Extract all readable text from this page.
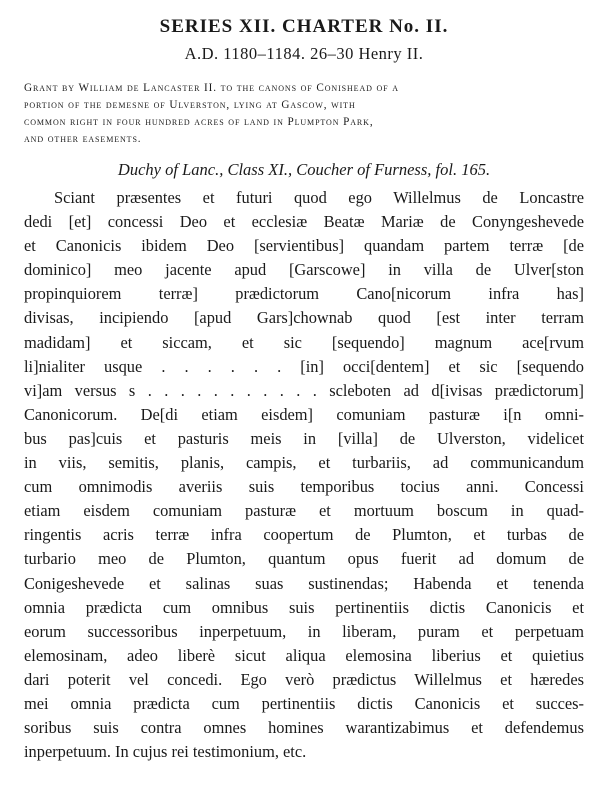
SERIES XII. CHARTER No. II.

A.D. 1180–1184. 26–30 Henry II.

Grant by William de Lancaster II. to the canons of Conishead of a
portion of the demesne of Ulverston, lying at Gascow, with
common right in four hundred acres of land in Plumpton Park,
and other easements.

Duchy of Lanc., Class XI., Coucher of Furness, fol. 165.

Sciant præsentes et futuri quod ego Willelmus de Loncastre
dedi [et] concessi Deo et ecclesiæ Beatæ Mariæ de Conyngeshevede
et Canonicis ibidem Deo [servientibus] quandam partem terræ [de
dominico] meo jacente apud [Garscowe] in villa de Ulver[ston
propinquiorem terræ] prædictorum Cano[nicorum infra has]
divisas, incipiendo [apud Gars]chownab quod [est inter terram
madidam] et siccam, et sic [sequendo] magnum ace[rvum
li]nialiter usque . . . . . . [in] occi[dentem] et sic [sequendo
vi]am versus s . . . . . . . . . . . scleboten ad d[ivisas prædictorum]
Canonicorum. De[di etiam eisdem] comuniam pasturæ i[n omni-
bus pas]cuis et pasturis meis in [villa] de Ulverston, videlicet
in viis, semitis, planis, campis, et turbariis, ad communicandum
cum omnimodis averiis suis temporibus tocius anni. Concessi
etiam eisdem comuniam pasturæ et mortuum boscum in quad-
ringentis acris terræ infra coopertum de Plumton, et turbas de
turbario meo de Plumton, quantum opus fuerit ad domum de
Conigeshevede et salinas suas sustinendas; Habenda et tenenda
omnia prædicta cum omnibus suis pertinentiis dictis Canonicis et
eorum successoribus inperpetuum, in liberam, puram et perpetuam
elemosinam, adeo liberè sicut aliqua elemosina liberius et quietius
dari poterit vel concedi. Ego verò prædictus Willelmus et hæredes
mei omnia prædicta cum pertinentiis dictis Canonicis et succes-
soribus suis contra omnes homines warantizabimus et defendemus
inperpetuum. In cujus rei testimonium, etc.
